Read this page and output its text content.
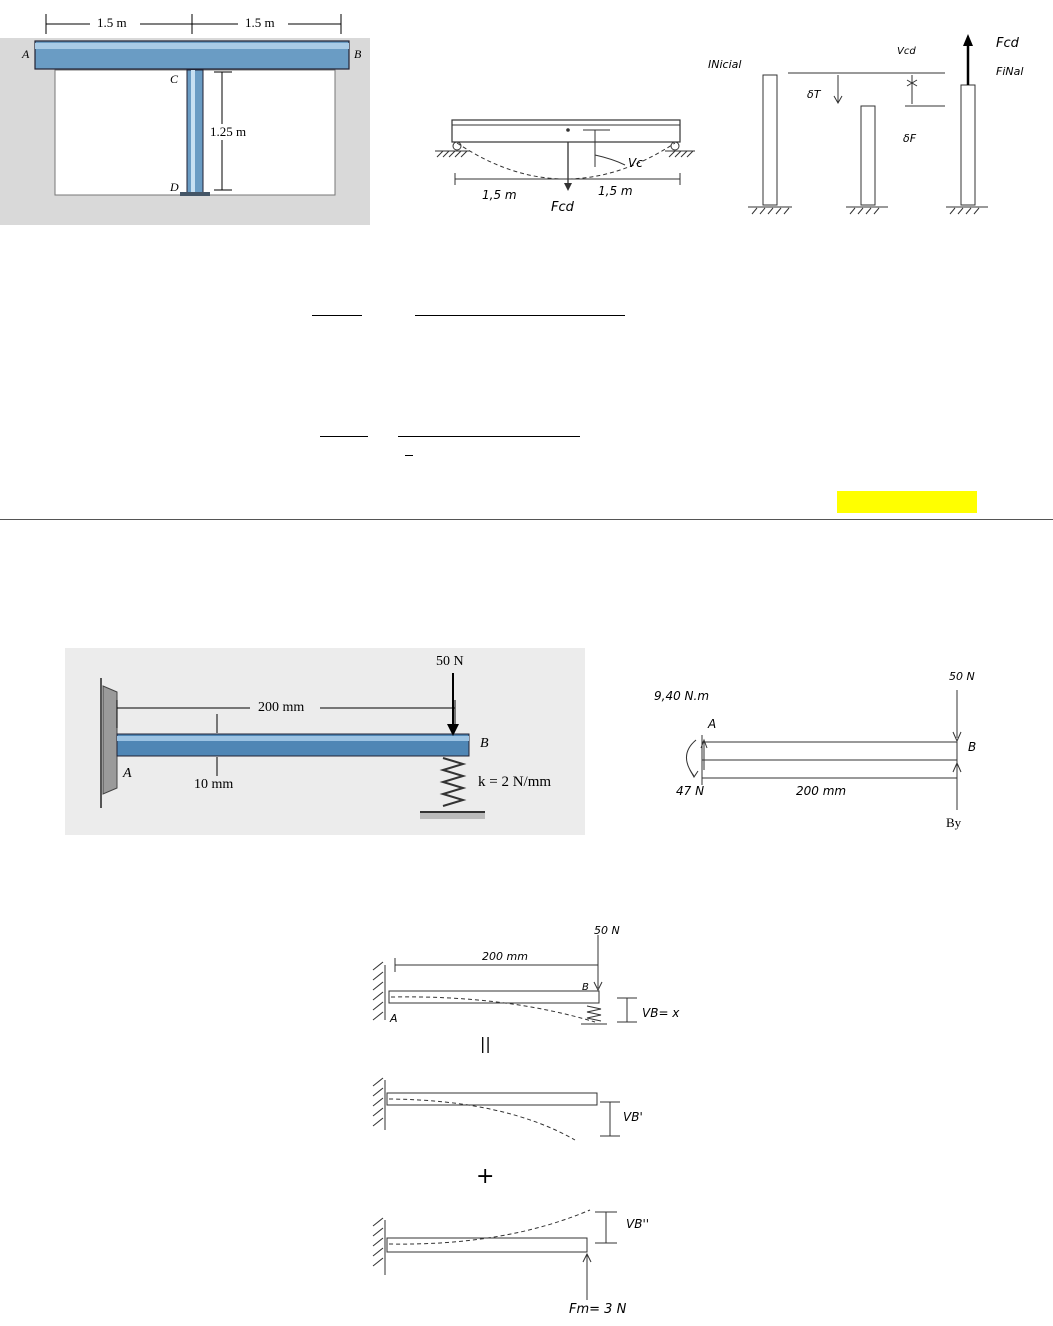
1.5 m	1.5 m
A	B
C
D
1.25 m
1,5 m	1,5 m
Vc
Fcd
INicial
FiNal
Fcd
Vcd
δT
δF
50 N
200 mm
10 mm
A
B
k = 2 N/mm
50 N
9,40 N.m
A
B
47 N	200 mm
By
50 N
200 mm
A
B
VB= x
||
VB'
+
VB''
Fm= 3 N
